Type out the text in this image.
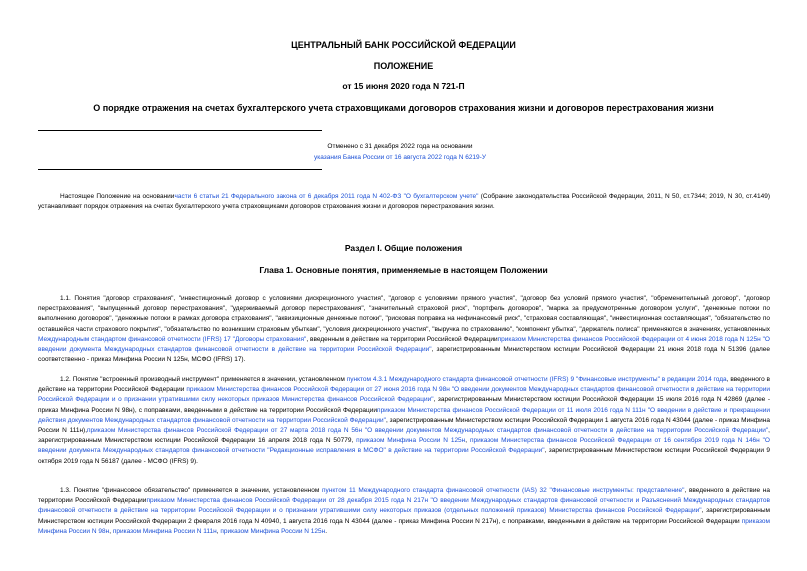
ЦЕНТРАЛЬНЫЙ БАНК РОССИЙСКОЙ ФЕДЕРАЦИИ
ПОЛОЖЕНИЕ
от 15 июня 2020 года N 721-П
О порядке отражения на счетах бухгалтерского учета страховщиками договоров страхования жизни и договоров перестрахования жизни
Отменено с 31 декабря 2022 года на основании
указания Банка России от 16 августа 2022 года N 6219-У

Настоящее Положение на основаниичасти 6 статьи 21 Федерального закона от 6 декабря 2011 года N 402-ФЗ "О бухгалтерском учете" (Собрание законодательства Российской Федерации, 2011, N 50, ст.7344; 2019, N 30, ст.4149) устанавливает порядок отражения на счетах бухгалтерского учета страховщиками договоров страхования жизни и договоров перестрахования жизни.

Раздел I. Общие положения
Глава 1. Основные понятия, применяемые в настоящем Положении

1.1. Понятия "договор страхования", "инвестиционный договор с условиями дискреционного участия", "договор с условиями прямого участия", "договор без условий прямого участия", "обременительный договор", "договор перестрахования", "выпущенный договор перестрахования", "удерживаемый договор перестрахования", "значительный страховой риск", "портфель договоров", "маржа за предусмотренные договором услуги", "денежные потоки по выполнению договоров", "денежные потоки в рамках договора страхования", "аквизиционные денежные потоки", "рисковая поправка на нефинансовый риск", "страховая составляющая", "инвестиционная составляющая", "обязательство по оставшейся части страхового покрытия", "обязательство по возникшим страховым убыткам", "условия дискреционного участия", "выручка по страхованию", "компонент убытка", "держатель полиса" применяются в значениях, установленных Международным стандартом финансовой отчетности (IFRS) 17 "Договоры страхования", введенным в действие на территории Российской Федерацииприказом Министерства финансов Российской Федерации от 4 июня 2018 года N 125н "О введении документа Международных стандартов финансовой отчетности в действие на территории Российской Федерации", зарегистрированным Министерством юстиции Российской Федерации 21 июня 2018 года N 51396 (далее соответственно - приказ Минфина России N 125н, МСФО (IFRS) 17).

1.2. Понятие "встроенный производный инструмент" применяется в значении, установленном пунктом 4.3.1 Международного стандарта финансовой отчетности (IFRS) 9 "Финансовые инструменты" в редакции 2014 года, введенного в действие на территории Российской Федерации приказом Министерства финансов Российской Федерации от 27 июня 2016 года N 98н "О введении документов Международных стандартов финансовой отчетности в действие на территории Российской Федерации и о признании утратившими силу некоторых приказов Министерства финансов Российской Федерации", зарегистрированным Министерством юстиции Российской Федерации 15 июля 2016 года N 42869 (далее - приказ Минфина России N 98н), с поправками, введенными в действие на территории Российской Федерацииприказом Министерства финансов Российской Федерации от 11 июля 2016 года N 111н "О введении в действие и прекращении действия документов Международных стандартов финансовой отчетности на территории Российской Федерации", зарегистрированным Министерством юстиции Российской Федерации 1 августа 2016 года N 43044 (далее - приказ Минфина России N 111н),приказом Министерства финансов Российской Федерации от 27 марта 2018 года N 56н "О введении документов Международных стандартов финансовой отчетности в действие на территории Российской Федерации", зарегистрированным Министерством юстиции Российской Федерации 16 апреля 2018 года N 50779, приказом Минфина России N 125н, приказом Министерства финансов Российской Федерации от 16 сентября 2019 года N 146н "О введении документа Международных стандартов финансовой отчетности "Редакционные исправления в МСФО" в действие на территории Российской Федерации", зарегистрированным Министерством юстиции Российской Федерации 9 октября 2019 года N 56187 (далее - МСФО (IFRS) 9).

1.3. Понятие "финансовое обязательство" применяется в значении, установленном пунктом 11 Международного стандарта финансовой отчетности (IAS) 32 "Финансовые инструменты: представление", введенного в действие на территории Российской Федерацииприказом Министерства финансов Российской Федерации от 28 декабря 2015 года N 217н "О введении Международных стандартов финансовой отчетности и Разъяснений Международных стандартов финансовой отчетности в действие на территории Российской Федерации и о признании утратившими силу некоторых приказов (отдельных положений приказов) Министерства финансов Российской Федерации", зарегистрированным Министерством юстиции Российской Федерации 2 февраля 2016 года N 40940, 1 августа 2016 года N 43044 (далее - приказ Минфина России N 217н), с поправками, введенными в действие на территории Российской Федерации приказом Минфина России N 98н, приказом Минфина России N 111н, приказом Минфина России N 125н.
